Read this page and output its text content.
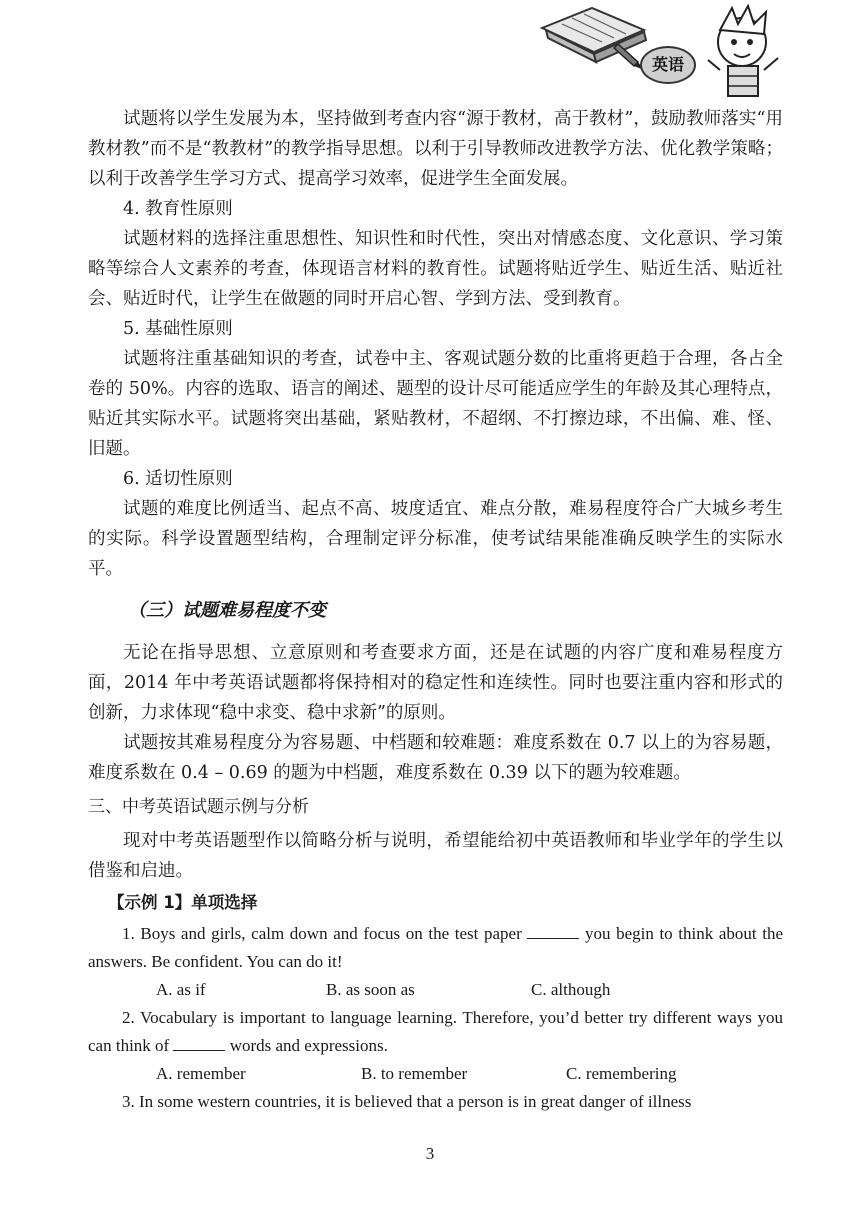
英语

试题将以学生发展为本，坚持做到考查内容“源于教材，高于教材”，鼓励教师落实“用教材教”而不是“教教材”的教学指导思想。以利于引导教师改进教学方法、优化教学策略；以利于改善学生学习方式、提高学习效率，促进学生全面发展。

4. 教育性原则

试题材料的选择注重思想性、知识性和时代性，突出对情感态度、文化意识、学习策略等综合人文素养的考查，体现语言材料的教育性。试题将贴近学生、贴近生活、贴近社会、贴近时代，让学生在做题的同时开启心智、学到方法、受到教育。

5. 基础性原则

试题将注重基础知识的考查，试卷中主、客观试题分数的比重将更趋于合理，各占全卷的 50%。内容的选取、语言的阐述、题型的设计尽可能适应学生的年龄及其心理特点，贴近其实际水平。试题将突出基础，紧贴教材，不超纲、不打擦边球，不出偏、难、怪、旧题。

6. 适切性原则

试题的难度比例适当、起点不高、坡度适宜、难点分散，难易程度符合广大城乡考生的实际。科学设置题型结构，合理制定评分标准，使考试结果能准确反映学生的实际水平。

（三）试题难易程度不变

无论在指导思想、立意原则和考查要求方面，还是在试题的内容广度和难易程度方面，2014 年中考英语试题都将保持相对的稳定性和连续性。同时也要注重内容和形式的创新，力求体现“稳中求变、稳中求新”的原则。

试题按其难易程度分为容易题、中档题和较难题：难度系数在 0.7 以上的为容易题，难度系数在 0.4 – 0.69 的题为中档题，难度系数在 0.39 以下的题为较难题。

三、中考英语试题示例与分析

现对中考英语题型作以简略分析与说明，希望能给初中英语教师和毕业学年的学生以借鉴和启迪。

【示例 1】单项选择

1. Boys and girls, calm down and focus on the test paper	you begin to think about the answers. Be confident. You can do it!

A. as if	B. as soon as	C. although

2. Vocabulary is important to language learning. Therefore, you’d better try different ways you can think of	words and expressions.

A. remember	B. to remember	C. remembering

3. In some western countries, it is believed that a person is in great danger of illness

3
